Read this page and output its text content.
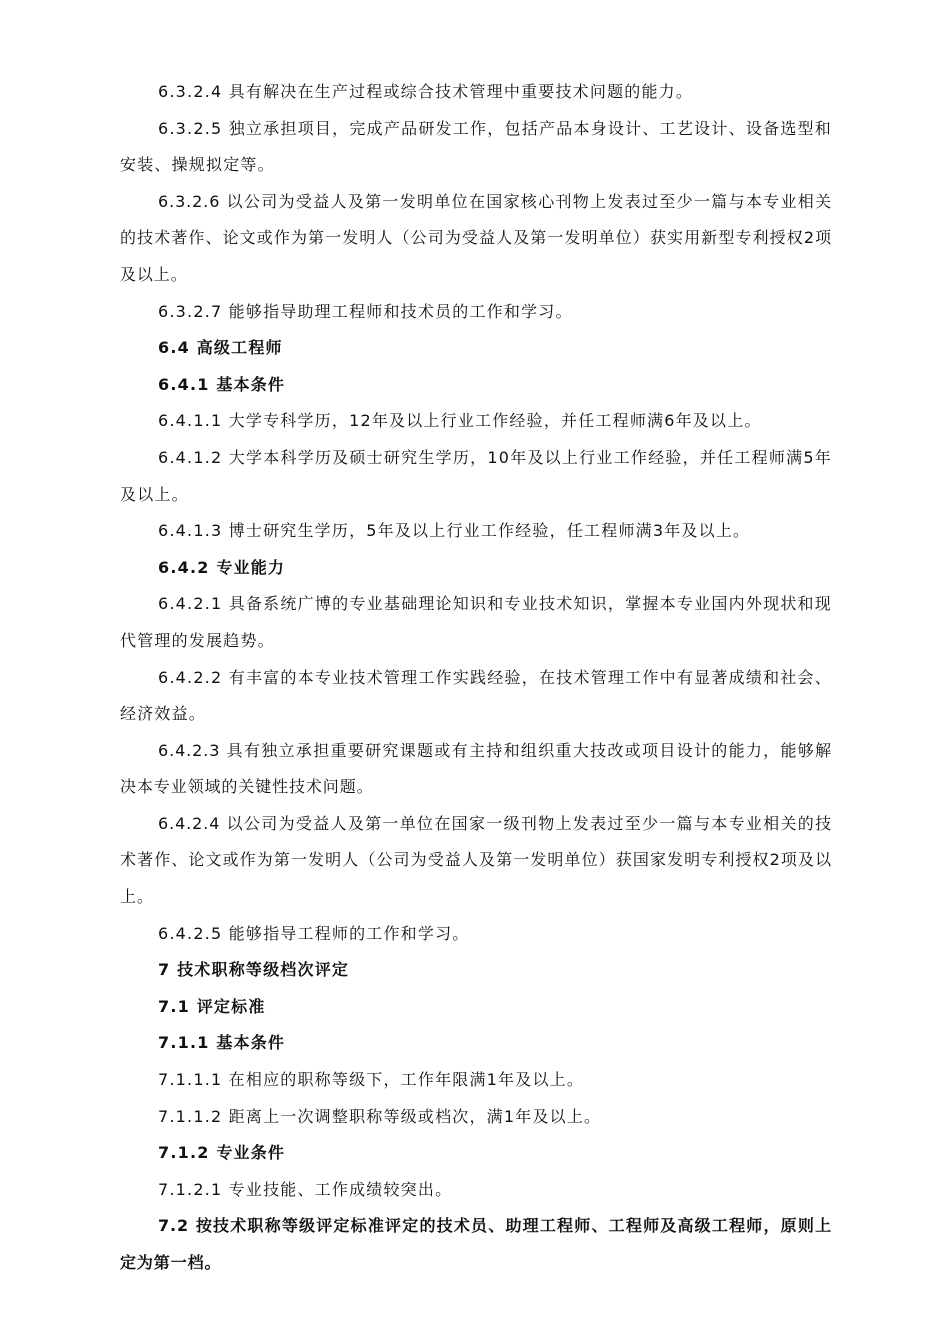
6.3.2.4 具有解决在生产过程或综合技术管理中重要技术问题的能力。

6.3.2.5 独立承担项目，完成产品研发工作，包括产品本身设计、工艺设计、设备选型和安装、操规拟定等。

6.3.2.6 以公司为受益人及第一发明单位在国家核心刊物上发表过至少一篇与本专业相关的技术著作、论文或作为第一发明人（公司为受益人及第一发明单位）获实用新型专利授权2项及以上。

6.3.2.7 能够指导助理工程师和技术员的工作和学习。

6.4 高级工程师

6.4.1 基本条件

6.4.1.1 大学专科学历，12年及以上行业工作经验，并任工程师满6年及以上。

6.4.1.2 大学本科学历及硕士研究生学历，10年及以上行业工作经验，并任工程师满5年及以上。

6.4.1.3 博士研究生学历，5年及以上行业工作经验，任工程师满3年及以上。

6.4.2 专业能力

6.4.2.1 具备系统广博的专业基础理论知识和专业技术知识，掌握本专业国内外现状和现代管理的发展趋势。

6.4.2.2 有丰富的本专业技术管理工作实践经验，在技术管理工作中有显著成绩和社会、经济效益。

6.4.2.3 具有独立承担重要研究课题或有主持和组织重大技改或项目设计的能力，能够解决本专业领域的关键性技术问题。

6.4.2.4 以公司为受益人及第一单位在国家一级刊物上发表过至少一篇与本专业相关的技术著作、论文或作为第一发明人（公司为受益人及第一发明单位）获国家发明专利授权2项及以上。

6.4.2.5 能够指导工程师的工作和学习。

7 技术职称等级档次评定

7.1 评定标准

7.1.1 基本条件

7.1.1.1 在相应的职称等级下，工作年限满1年及以上。

7.1.1.2 距离上一次调整职称等级或档次，满1年及以上。

7.1.2 专业条件

7.1.2.1 专业技能、工作成绩较突出。

7.2 按技术职称等级评定标准评定的技术员、助理工程师、工程师及高级工程师，原则上定为第一档。
